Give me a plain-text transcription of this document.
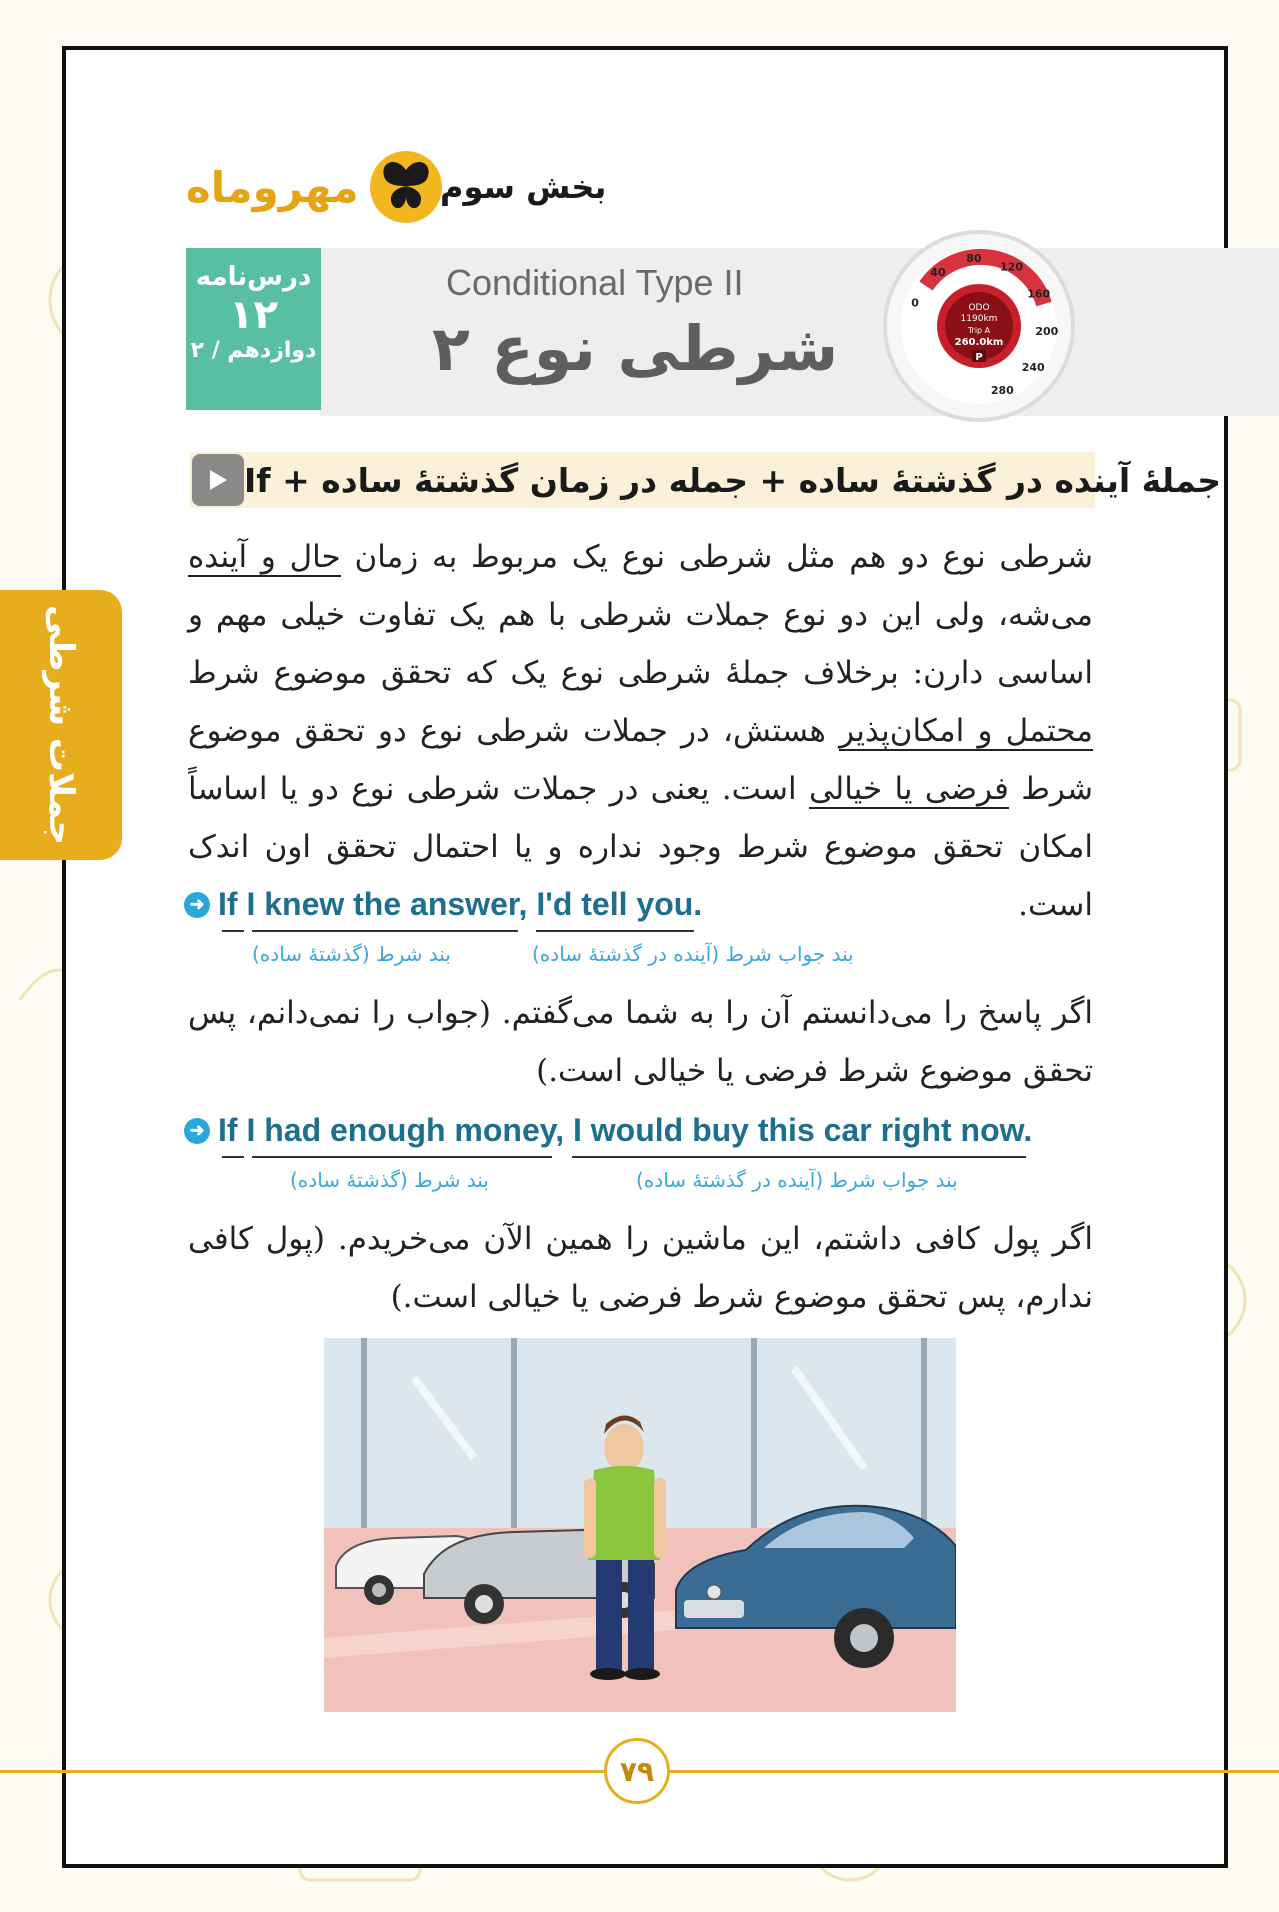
جملات شرطی
مهروماه	بخش سوم
درس‌نامه
۱۲
دوازدهم / ۲
Conditional Type II
شرطی نوع ۲
0
40
80
120
160
200
240
280
ODO
1190km
Trip A
260.0km
P
جملهٔ آینده در گذشتهٔ ساده + جمله در زمان گذشتهٔ ساده + If

شرطی نوع دو هم مثل شرطی نوع یک مربوط به زمان حال و آینده می‌شه، ولی این دو نوع جملات شرطی با هم یک تفاوت خیلی مهم و اساسی دارن: برخلاف جملهٔ شرطی نوع یک که تحقق موضوع شرط محتمل و امکان‌پذیر هستش، در جملات شرطی نوع دو تحقق موضوع شرط فرضی یا خیالی است. یعنی در جملات شرطی نوع دو یا اساساً امکان تحقق موضوع شرط وجود نداره و یا احتمال تحقق اون اندک است.

➜ If I knew the answer, I'd tell you.
بند شرط (گذشتهٔ ساده)	بند جواب شرط (آینده در گذشتهٔ ساده)

اگر پاسخ را می‌دانستم آن را به شما می‌گفتم. (جواب را نمی‌دانم، پس تحقق موضوع شرط فرضی یا خیالی است.)

➜ If I had enough money, I would buy this car right now.
بند شرط (گذشتهٔ ساده)	بند جواب شرط (آینده در گذشتهٔ ساده)

اگر پول کافی داشتم، این ماشین را همین الآن می‌خریدم. (پول کافی ندارم، پس تحقق موضوع شرط فرضی یا خیالی است.)

۷۹
